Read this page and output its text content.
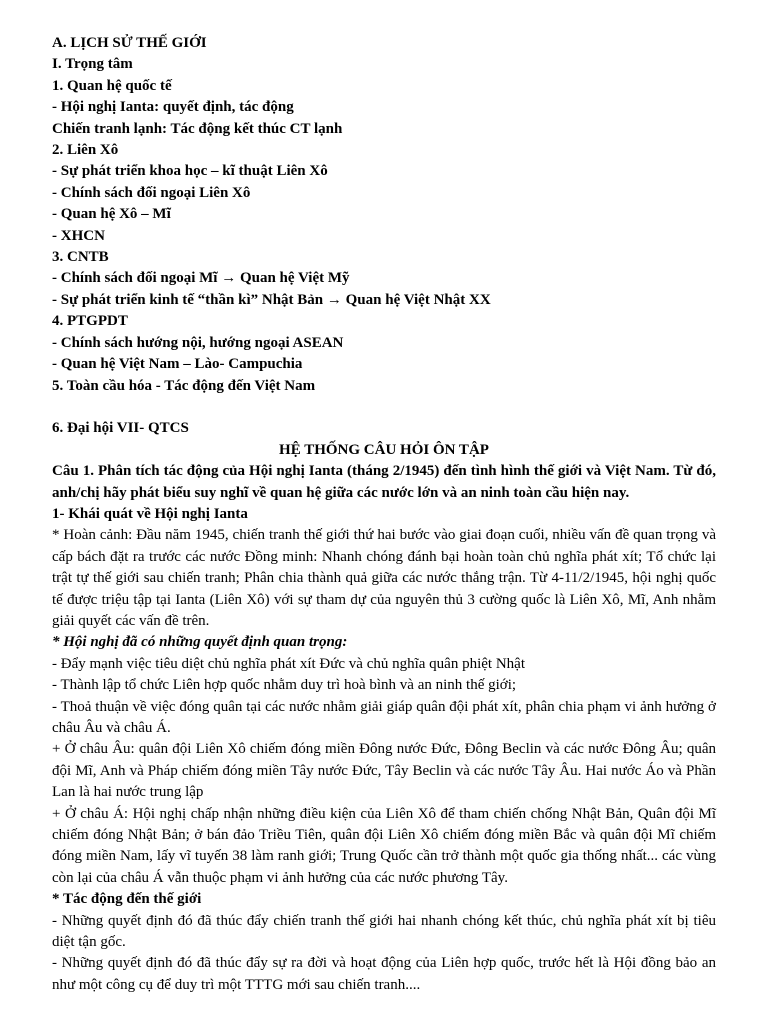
A. LỊCH SỬ THẾ GIỚI

I. Trọng tâm

1. Quan hệ quốc tế

- Hội nghị Ianta: quyết định, tác động

Chiến tranh lạnh: Tác động kết thúc CT lạnh

2. Liên Xô

- Sự phát triển khoa học – kĩ thuật Liên Xô

- Chính sách đối ngoại Liên Xô

- Quan hệ Xô – Mĩ

- XHCN

3. CNTB

- Chính sách đối ngoại Mĩ → Quan hệ Việt Mỹ

- Sự phát triển kinh tế “thần kì” Nhật Bản → Quan hệ Việt Nhật XX

4. PTGPDT

- Chính sách hướng nội, hướng ngoại ASEAN

- Quan hệ Việt Nam – Lào- Campuchia

5. Toàn cầu hóa - Tác động đến Việt Nam

6. Đại hội VII- QTCS

HỆ THỐNG CÂU HỎI ÔN TẬP

Câu 1. Phân tích tác động của Hội nghị Ianta (tháng 2/1945) đến tình hình thế giới và Việt Nam. Từ đó, anh/chị hãy phát biểu suy nghĩ về quan hệ giữa các nước lớn và an ninh toàn cầu hiện nay.

1- Khái quát về Hội nghị Ianta

* Hoàn cảnh: Đầu năm 1945, chiến tranh thế giới thứ hai bước vào giai đoạn cuối, nhiều vấn đề quan trọng và cấp bách đặt ra trước các nước Đồng minh: Nhanh chóng đánh bại hoàn toàn chủ nghĩa phát xít; Tổ chức lại trật tự thế giới sau chiến tranh; Phân chia thành quả giữa các nước thắng trận. Từ 4-11/2/1945, hội nghị quốc tế được triệu tập tại Ianta (Liên Xô) với sự tham dự của nguyên thủ 3 cường quốc là Liên Xô, Mĩ, Anh nhằm giải quyết các vấn đề trên.

* Hội nghị đã có những quyết định quan trọng:

- Đẩy mạnh việc tiêu diệt chủ nghĩa phát xít Đức và chủ nghĩa quân phiệt Nhật

- Thành lập tổ chức Liên hợp quốc nhằm duy trì hoà bình và an ninh thế giới;

- Thoả thuận về việc đóng quân tại các nước nhằm giải giáp quân đội phát xít, phân chia phạm vi ảnh hưởng ở châu Âu và châu Á.

+ Ở châu Âu: quân đội Liên Xô chiếm đóng miền Đông nước Đức, Đông Beclin và các nước Đông Âu; quân đội Mĩ, Anh và Pháp chiếm đóng miền Tây nước Đức, Tây Beclin và các nước Tây Âu. Hai nước Áo và Phần Lan là hai nước trung lập

+ Ở châu Á: Hội nghị chấp nhận những điều kiện của Liên Xô để tham chiến chống Nhật Bản, Quân đội Mĩ chiếm đóng Nhật Bản; ở bán đảo Triều Tiên, quân đội Liên Xô chiếm đóng miền Bắc và quân đội Mĩ chiếm đóng miền Nam, lấy vĩ tuyến 38 làm ranh giới; Trung Quốc cần trở thành một quốc gia thống nhất... các vùng còn lại của châu Á vẫn thuộc phạm vi ảnh hưởng của các nước phương Tây.

* Tác động đến thế giới

- Những quyết định đó đã thúc đẩy chiến tranh thế giới hai nhanh chóng kết thúc, chủ nghĩa phát xít bị tiêu diệt tận gốc.

- Những quyết định đó đã thúc đẩy sự ra đời và hoạt động của Liên hợp quốc, trước hết là Hội đồng bảo an như một công cụ để duy trì một TTTG mới sau chiến tranh....
